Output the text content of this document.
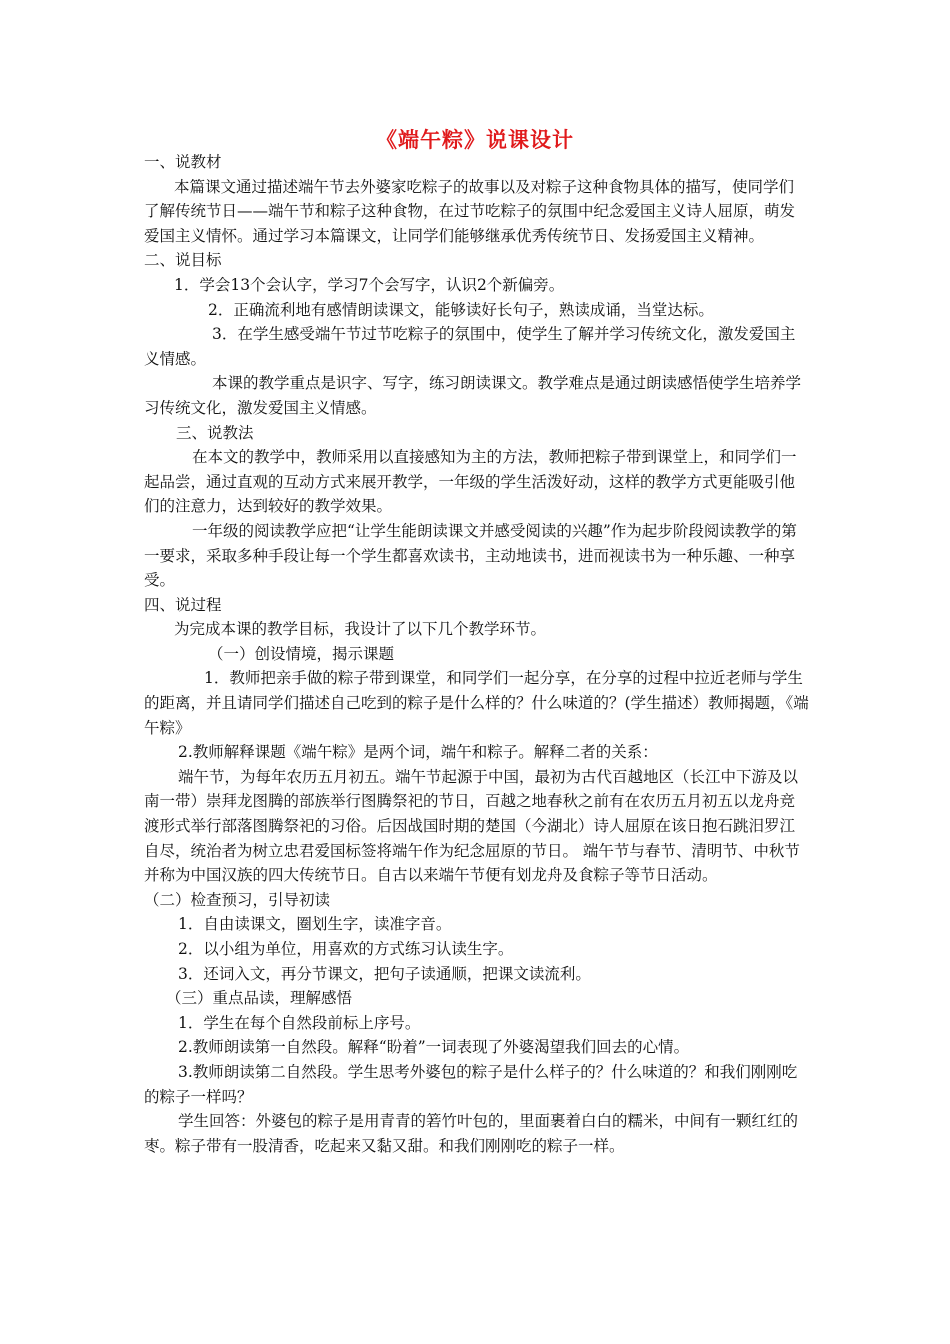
《端午粽》说课设计

一、说教材

本篇课文通过描述端午节去外婆家吃粽子的故事以及对粽子这种食物具体的描写，使同学们了解传统节日——端午节和粽子这种食物，在过节吃粽子的氛围中纪念爱国主义诗人屈原，萌发爱国主义情怀。通过学习本篇课文，让同学们能够继承优秀传统节日、发扬爱国主义精神。

二、说目标

1．学会13个会认字，学习7个会写字，认识2个新偏旁。

2．正确流利地有感情朗读课文，能够读好长句子，熟读成诵，当堂达标。

3．在学生感受端午节过节吃粽子的氛围中，使学生了解并学习传统文化，激发爱国主义情感。

本课的教学重点是识字、写字，练习朗读课文。教学难点是通过朗读感悟使学生培养学习传统文化，激发爱国主义情感。

三、说教法

在本文的教学中，教师采用以直接感知为主的方法，教师把粽子带到课堂上，和同学们一起品尝，通过直观的互动方式来展开教学，一年级的学生活泼好动，这样的教学方式更能吸引他们的注意力，达到较好的教学效果。

一年级的阅读教学应把“让学生能朗读课文并感受阅读的兴趣”作为起步阶段阅读教学的第一要求，采取多种手段让每一个学生都喜欢读书，主动地读书，进而视读书为一种乐趣、一种享受。

四、说过程

为完成本课的教学目标，我设计了以下几个教学环节。

（一）创设情境，揭示课题

1．教师把亲手做的粽子带到课堂，和同学们一起分享，在分享的过程中拉近老师与学生的距离，并且请同学们描述自己吃到的粽子是什么样的？什么味道的？(学生描述）教师揭题，《端午粽》

2.教师解释课题《端午粽》是两个词，端午和粽子。解释二者的关系：

端午节，为每年农历五月初五。端午节起源于中国，最初为古代百越地区（长江中下游及以南一带）崇拜龙图腾的部族举行图腾祭祀的节日，百越之地春秋之前有在农历五月初五以龙舟竞渡形式举行部落图腾祭祀的习俗。后因战国时期的楚国（今湖北）诗人屈原在该日抱石跳汨罗江自尽，统治者为树立忠君爱国标签将端午作为纪念屈原的节日。 端午节与春节、清明节、中秋节并称为中国汉族的四大传统节日。自古以来端午节便有划龙舟及食粽子等节日活动。

（二）检查预习，引导初读

1．自由读课文，圈划生字，读准字音。

2．以小组为单位，用喜欢的方式练习认读生字。

3．还词入文，再分节课文，把句子读通顺，把课文读流利。

（三）重点品读，理解感悟

1．学生在每个自然段前标上序号。

2.教师朗读第一自然段。解释“盼着”一词表现了外婆渴望我们回去的心情。

3.教师朗读第二自然段。学生思考外婆包的粽子是什么样子的？什么味道的？和我们刚刚吃的粽子一样吗？

学生回答：外婆包的粽子是用青青的箬竹叶包的，里面裹着白白的糯米，中间有一颗红红的枣。粽子带有一股清香，吃起来又黏又甜。和我们刚刚吃的粽子一样。
